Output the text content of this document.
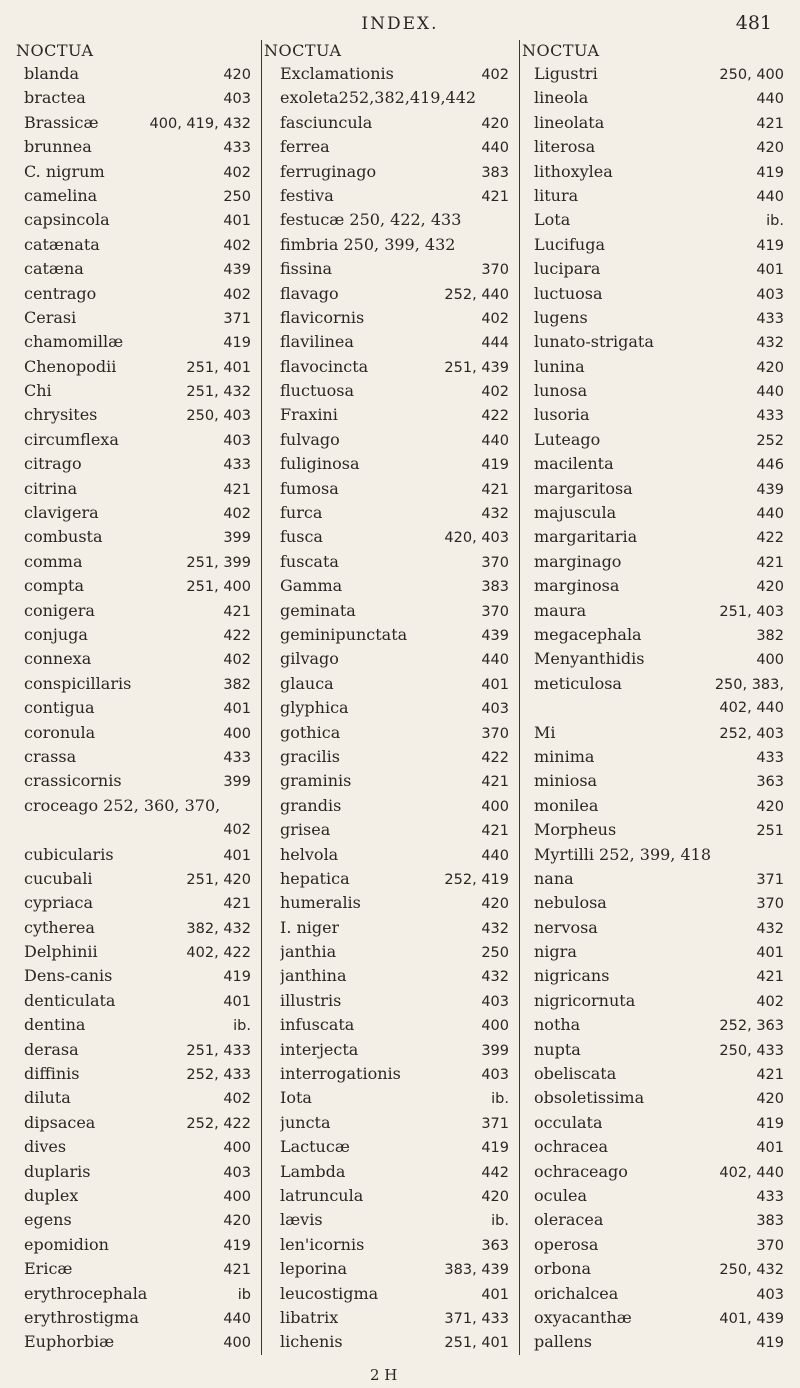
INDEX.	481
NOCTUA
blanda	420
bractea	403
Brassicæ	400, 419, 432
brunnea	433
C. nigrum	402
camelina	250
capsincola	401
catænata	402
catæna	439
centrago	402
Cerasi	371
chamomillæ	419
Chenopodii	251, 401
Chi	251, 432
chrysites	250, 403
circumflexa	403
citrago	433
citrina	421
clavigera	402
combusta	399
comma	251, 399
compta	251, 400
conigera	421
conjuga	422
connexa	402
conspicillaris	382
contigua	401
coronula	400
crassa	433
crassicornis	399
croceago 252, 360, 370,
402
cubicularis	401
cucubali	251, 420
cypriaca	421
cytherea	382, 432
Delphinii	402, 422
Dens-canis	419
denticulata	401
dentina	ib.
derasa	251, 433
diffinis	252, 433
diluta	402
dipsacea	252, 422
dives	400
duplaris	403
duplex	400
egens	420
epomidion	419
Ericæ	421
erythrocephala	ib
erythrostigma	440
Euphorbiæ	400
NOCTUA
Exclamationis	402
exoleta252,382,419,442
fasciuncula	420
ferrea	440
ferruginago	383
festiva	421
festucæ 250, 422, 433
fimbria 250, 399, 432
fissina	370
flavago	252, 440
flavicornis	402
flavilinea	444
flavocincta	251, 439
fluctuosa	402
Fraxini	422
fulvago	440
fuliginosa	419
fumosa	421
furca	432
fusca	420, 403
fuscata	370
Gamma	383
geminata	370
geminipunctata	439
gilvago	440
glauca	401
glyphica	403
gothica	370
gracilis	422
graminis	421
grandis	400
grisea	421
helvola	440
hepatica	252, 419
humeralis	420
I. niger	432
janthia	250
janthina	432
illustris	403
infuscata	400
interjecta	399
interrogationis	403
Iota	ib.
juncta	371
Lactucæ	419
Lambda	442
latruncula	420
lævis	ib.
len'icornis	363
leporina	383, 439
leucostigma	401
libatrix	371, 433
lichenis	251, 401
NOCTUA
Ligustri	250, 400
lineola	440
lineolata	421
literosa	420
lithoxylea	419
litura	440
Lota	ib.
Lucifuga	419
lucipara	401
luctuosa	403
lugens	433
lunato-strigata	432
lunina	420
lunosa	440
lusoria	433
Luteago	252
macilenta	446
margaritosa	439
majuscula	440
margaritaria	422
marginago	421
marginosa	420
maura	251, 403
megacephala	382
Menyanthidis	400
meticulosa	250, 383,
402, 440
Mi	252, 403
minima	433
miniosa	363
monilea	420
Morpheus	251
Myrtilli 252, 399, 418
nana	371
nebulosa	370
nervosa	432
nigra	401
nigricans	421
nigricornuta	402
notha	252, 363
nupta	250, 433
obeliscata	421
obsoletissima	420
occulata	419
ochracea	401
ochraceago	402, 440
oculea	433
oleracea	383
operosa	370
orbona	250, 432
orichalcea	403
oxyacanthæ	401, 439
pallens	419
2 H
